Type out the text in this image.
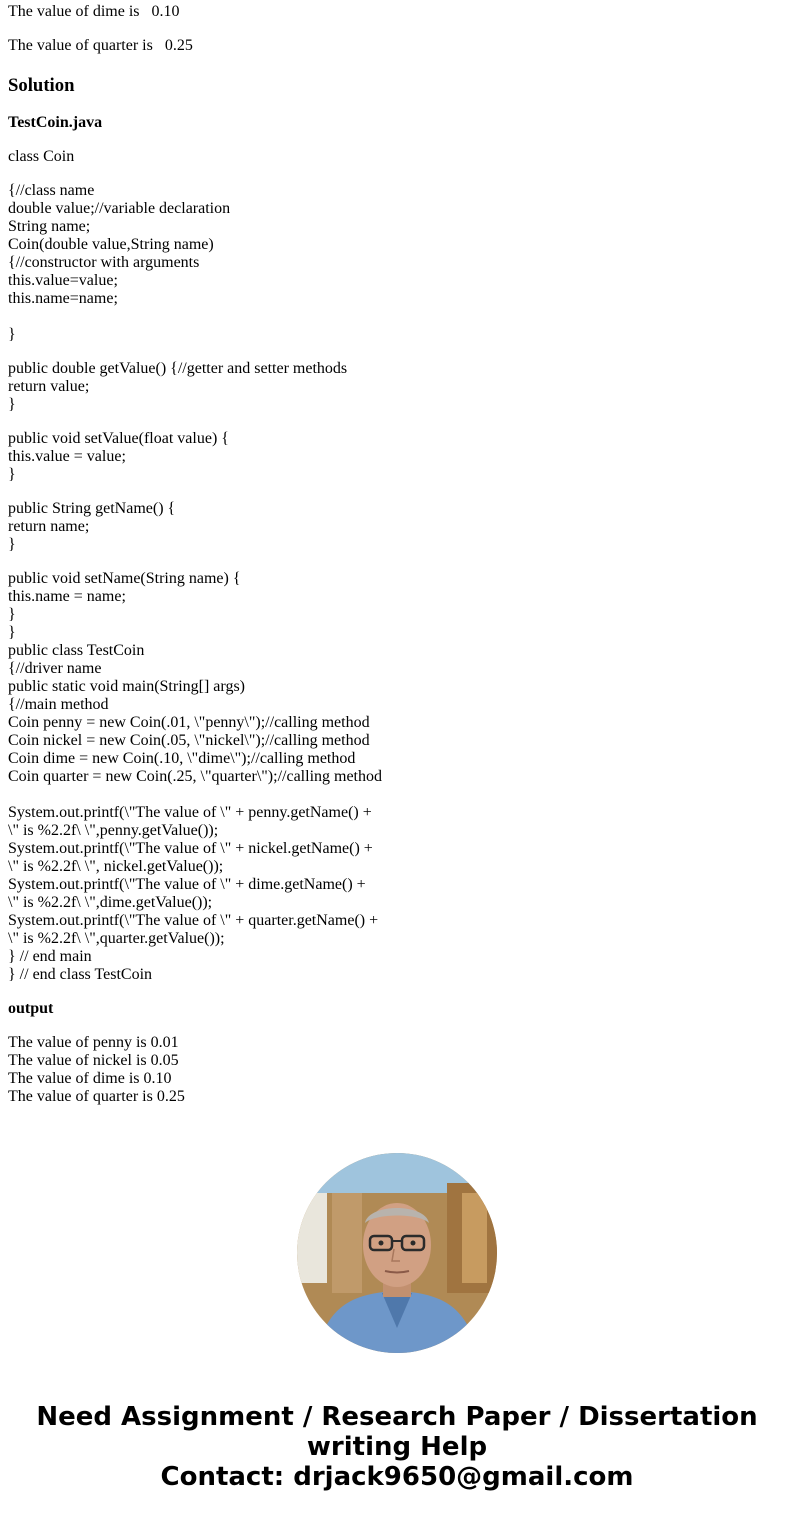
The value of dime is   0.10
The value of quarter is   0.25
Solution
TestCoin.java
class Coin
{//class name
double value;//variable declaration
String name;
Coin(double value,String name)
{//constructor with arguments
this.value=value;
this.name=name;
}
public double getValue() {//getter and setter methods
return value;
}
public void setValue(float value) {
this.value = value;
}
public String getName() {
return name;
}
public void setName(String name) {
this.name = name;
}
}
public class TestCoin
{//driver name
public static void main(String[] args)
{//main method
Coin penny = new Coin(.01, \"penny\");//calling method
Coin nickel = new Coin(.05, \"nickel\");//calling method
Coin dime = new Coin(.10, \"dime\");//calling method
Coin quarter = new Coin(.25, \"quarter\");//calling method
System.out.printf(\"The value of \" + penny.getName() +
\" is %2.2f\ \",penny.getValue());
System.out.printf(\"The value of \" + nickel.getName() +
\" is %2.2f\ \", nickel.getValue());
System.out.printf(\"The value of \" + dime.getName() +
\" is %2.2f\ \",dime.getValue());
System.out.printf(\"The value of \" + quarter.getName() +
\" is %2.2f\ \",quarter.getValue());
} // end main
} // end class TestCoin
output
The value of penny is 0.01
The value of nickel is 0.05
The value of dime is 0.10
The value of quarter is 0.25
Need Assignment / Research Paper / Dissertation
writing Help
Contact: drjack9650@gmail.com
